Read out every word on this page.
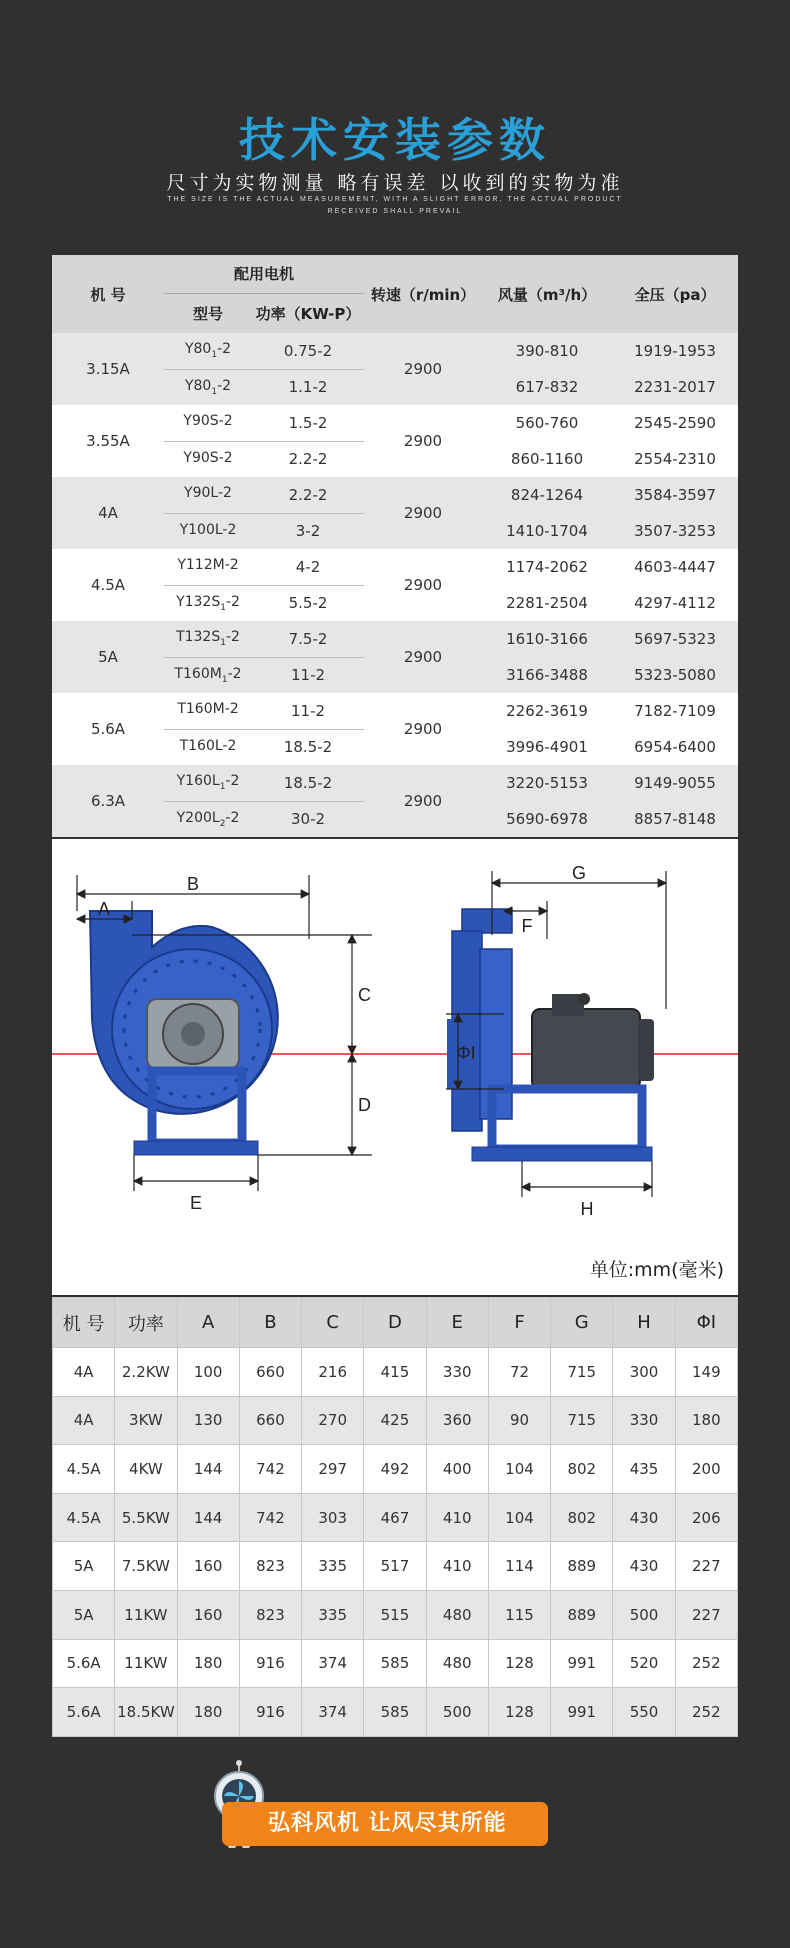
技术安装参数
尺寸为实物测量 略有误差 以收到的实物为准
THE SIZE IS THE ACTUAL MEASUREMENT, WITH A SLIGHT ERROR, THE ACTUAL PRODUCT
RECEIVED SHALL PREVAIL
机 号	配用电机		转速（r/min）	风量（m³/h）	全压（pa）
	型号	功率（KW-P）			
3.15A	$Y80_1-2$	0.75-2	2900	390-810	1919-1953
	$Y80_1-2$	1.1-2		617-832	2231-2017
3.55A	Y90S-2	1.5-2	2900	560-760	2545-2590
	Y90S-2	2.2-2		860-1160	2554-2310
4A	Y90L-2	2.2-2	2900	824-1264	3584-3597
	Y100L-2	3-2		1410-1704	3507-3253
4.5A	Y112M-2	4-2	2900	1174-2062	4603-4447
	$Y132S_1-2$	5.5-2		2281-2504	4297-4112
5A	$T132S_1-2$	7.5-2	2900	1610-3166	5697-5323
	$T160M_1-2$	11-2		3166-3488	5323-5080
5.6A	T160M-2	11-2	2900	2262-3619	7182-7109
	T160L-2	18.5-2		3996-4901	6954-6400
6.3A	$Y160L_1-2$	18.5-2	2900	3220-5153	9149-9055
	$Y200L_2-2$	30-2		5690-6978	8857-8148
B
A
C
D
E
G
F
ΦI
H
单位:mm(毫米)
机 号	功率	A	B	C	D	E	F	G	H	ΦI
4A	2.2KW	100	660	216	415	330	72	715	300	149
4A	3KW	130	660	270	425	360	90	715	330	180
4.5A	4KW	144	742	297	492	400	104	802	435	200
4.5A	5.5KW	144	742	303	467	410	104	802	430	206
5A	7.5KW	160	823	335	517	410	114	889	430	227
5A	11KW	160	823	335	515	480	115	889	500	227
5.6A	11KW	180	916	374	585	480	128	991	520	252
5.6A	18.5KW	180	916	374	585	500	128	991	550	252
弘科风机 让风尽其所能
